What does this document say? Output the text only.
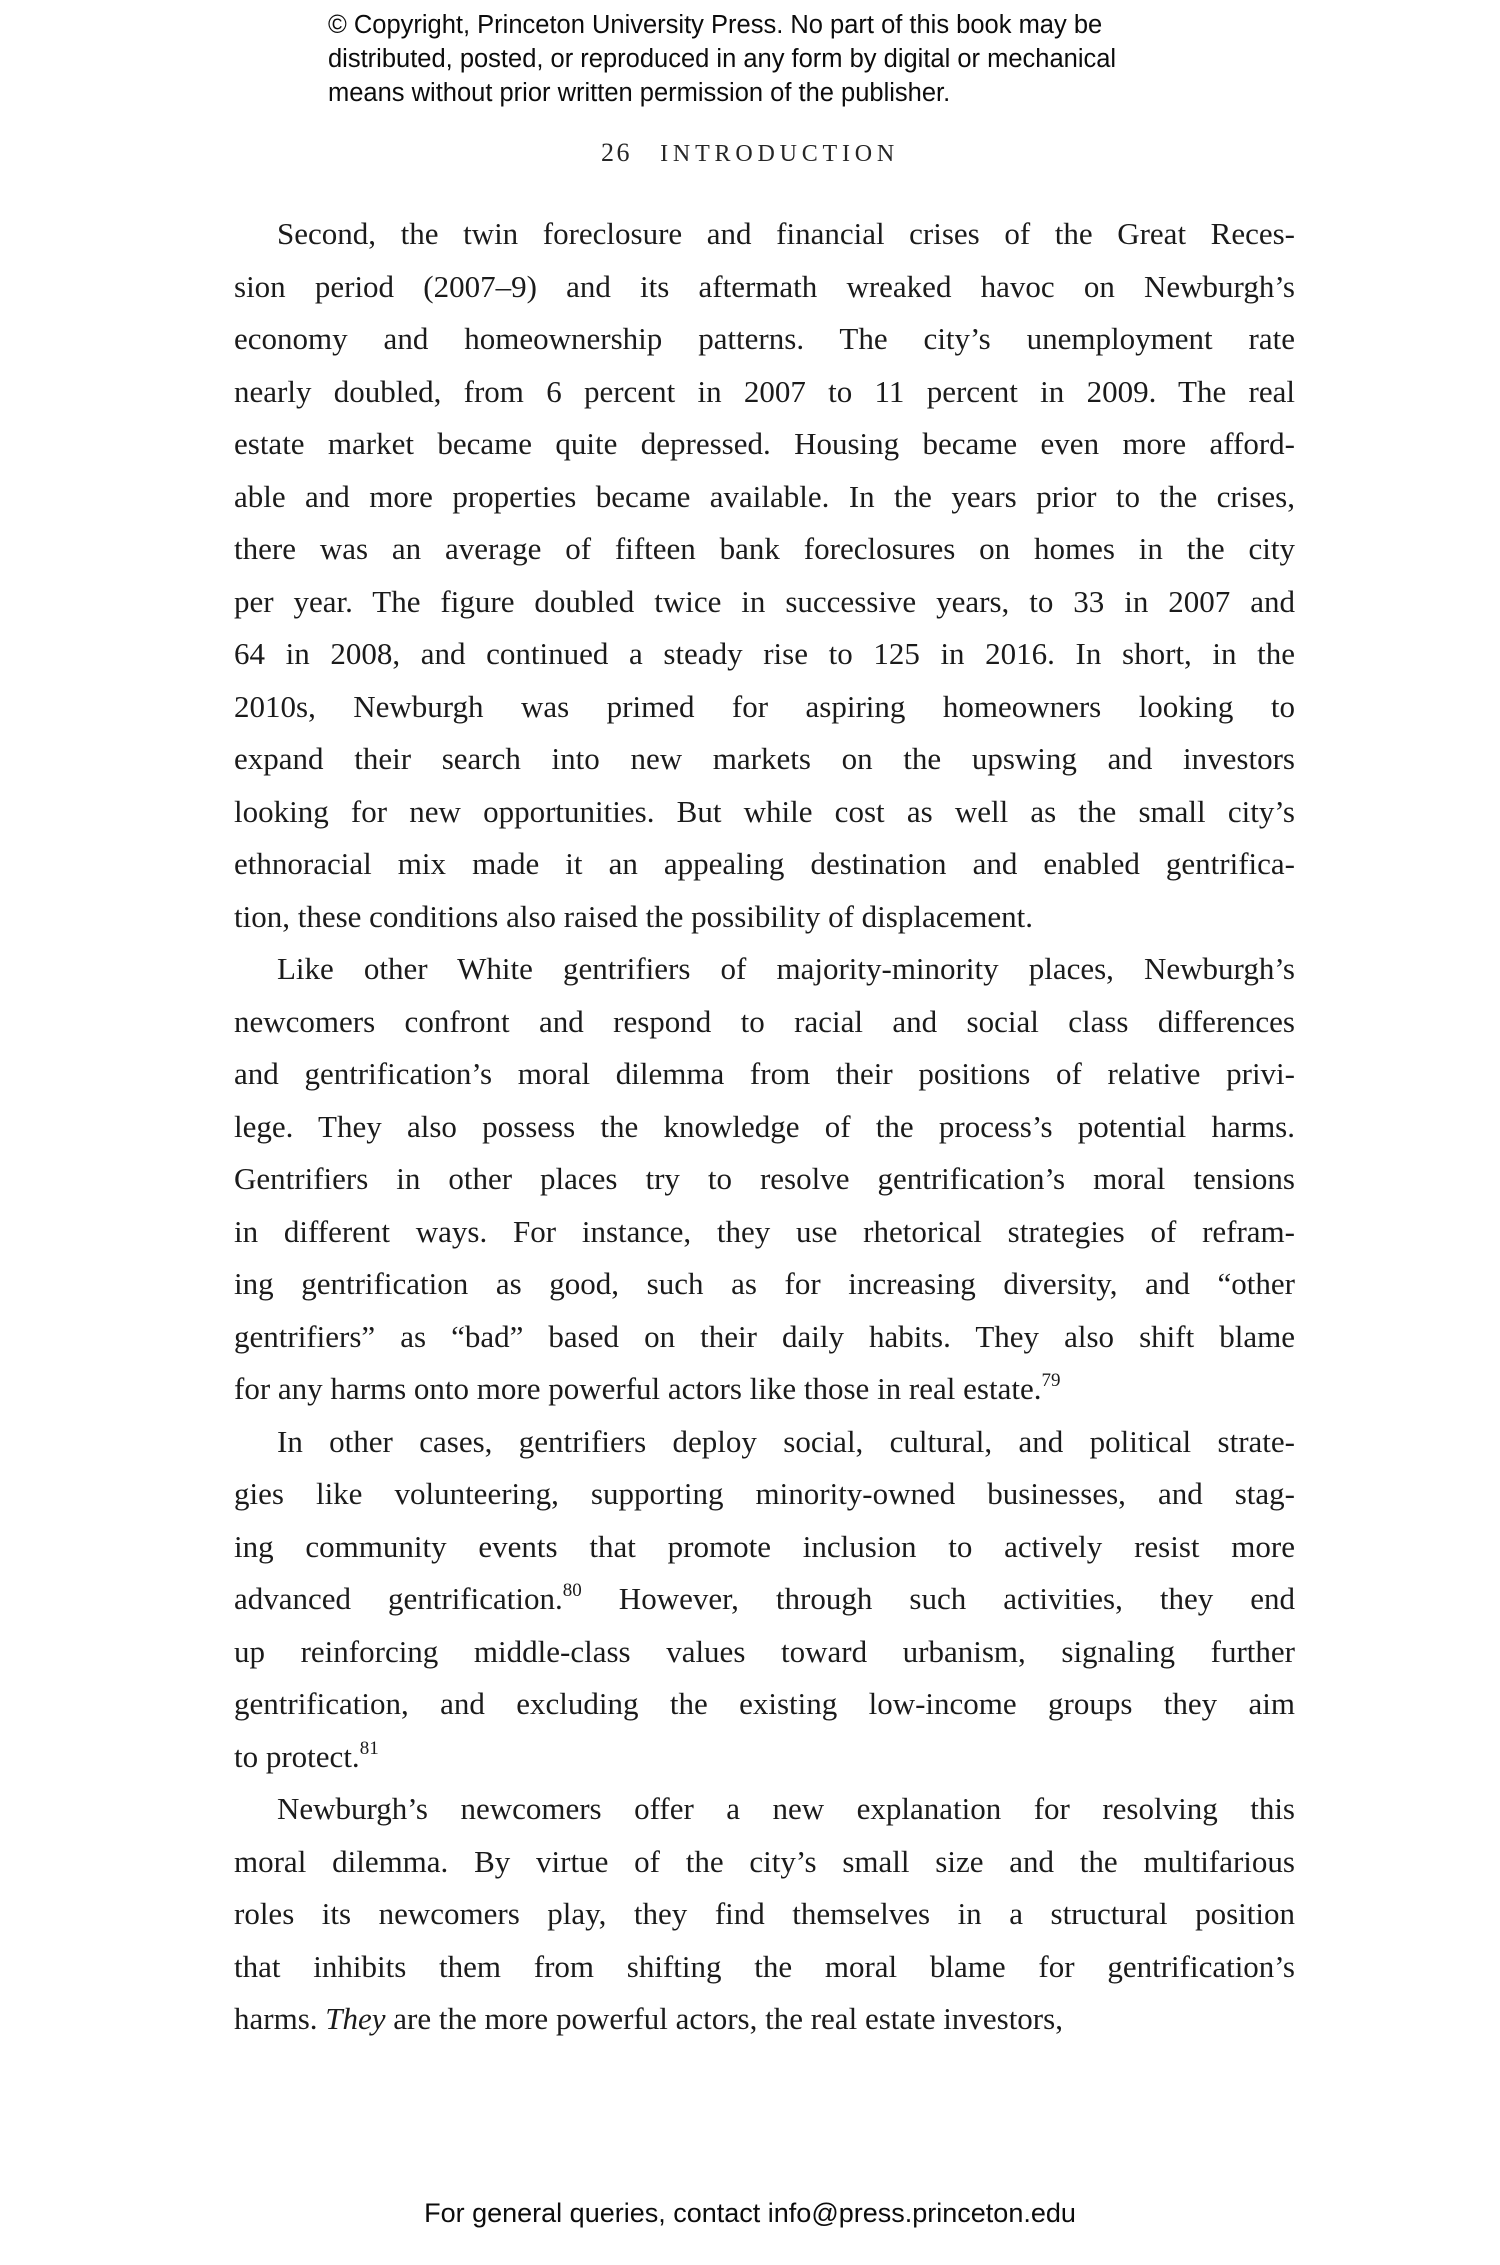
© Copyright, Princeton University Press. No part of this book may be
distributed, posted, or reproduced in any form by digital or mechanical
means without prior written permission of the publisher.
26 INTRODUCTION
Second, the twin foreclosure and financial crises of the Great Reces-
sion period (2007–9) and its aftermath wreaked havoc on Newburgh’s
economy and homeownership patterns. The city’s unemployment rate
nearly doubled, from 6 percent in 2007 to 11 percent in 2009. The real
estate market became quite depressed. Housing became even more afford-
able and more properties became available. In the years prior to the crises,
there was an average of fifteen bank foreclosures on homes in the city
per year. The figure doubled twice in successive years, to 33 in 2007 and
64 in 2008, and continued a steady rise to 125 in 2016. In short, in the
2010s, Newburgh was primed for aspiring homeowners looking to
expand their search into new markets on the upswing and investors
looking for new opportunities. But while cost as well as the small city’s
ethnoracial mix made it an appealing destination and enabled gentrifica-
tion, these conditions also raised the possibility of displacement.
Like other White gentrifiers of majority-minority places, Newburgh’s
newcomers confront and respond to racial and social class differences
and gentrification’s moral dilemma from their positions of relative privi-
lege. They also possess the knowledge of the process’s potential harms.
Gentrifiers in other places try to resolve gentrification’s moral tensions
in different ways. For instance, they use rhetorical strategies of refram-
ing gentrification as good, such as for increasing diversity, and “other
gentrifiers” as “bad” based on their daily habits. They also shift blame
for any harms onto more powerful actors like those in real estate.$^{79}$
In other cases, gentrifiers deploy social, cultural, and political strate-
gies like volunteering, supporting minority-owned businesses, and stag-
ing community events that promote inclusion to actively resist more
advanced gentrification.$^{80}$ However, through such activities, they end
up reinforcing middle-class values toward urbanism, signaling further
gentrification, and excluding the existing low-income groups they aim
to protect.$^{81}$
Newburgh’s newcomers offer a new explanation for resolving this
moral dilemma. By virtue of the city’s small size and the multifarious
roles its newcomers play, they find themselves in a structural position
that inhibits them from shifting the moral blame for gentrification’s
harms. They are the more powerful actors, the real estate investors,
For general queries, contact info@press.princeton.edu
